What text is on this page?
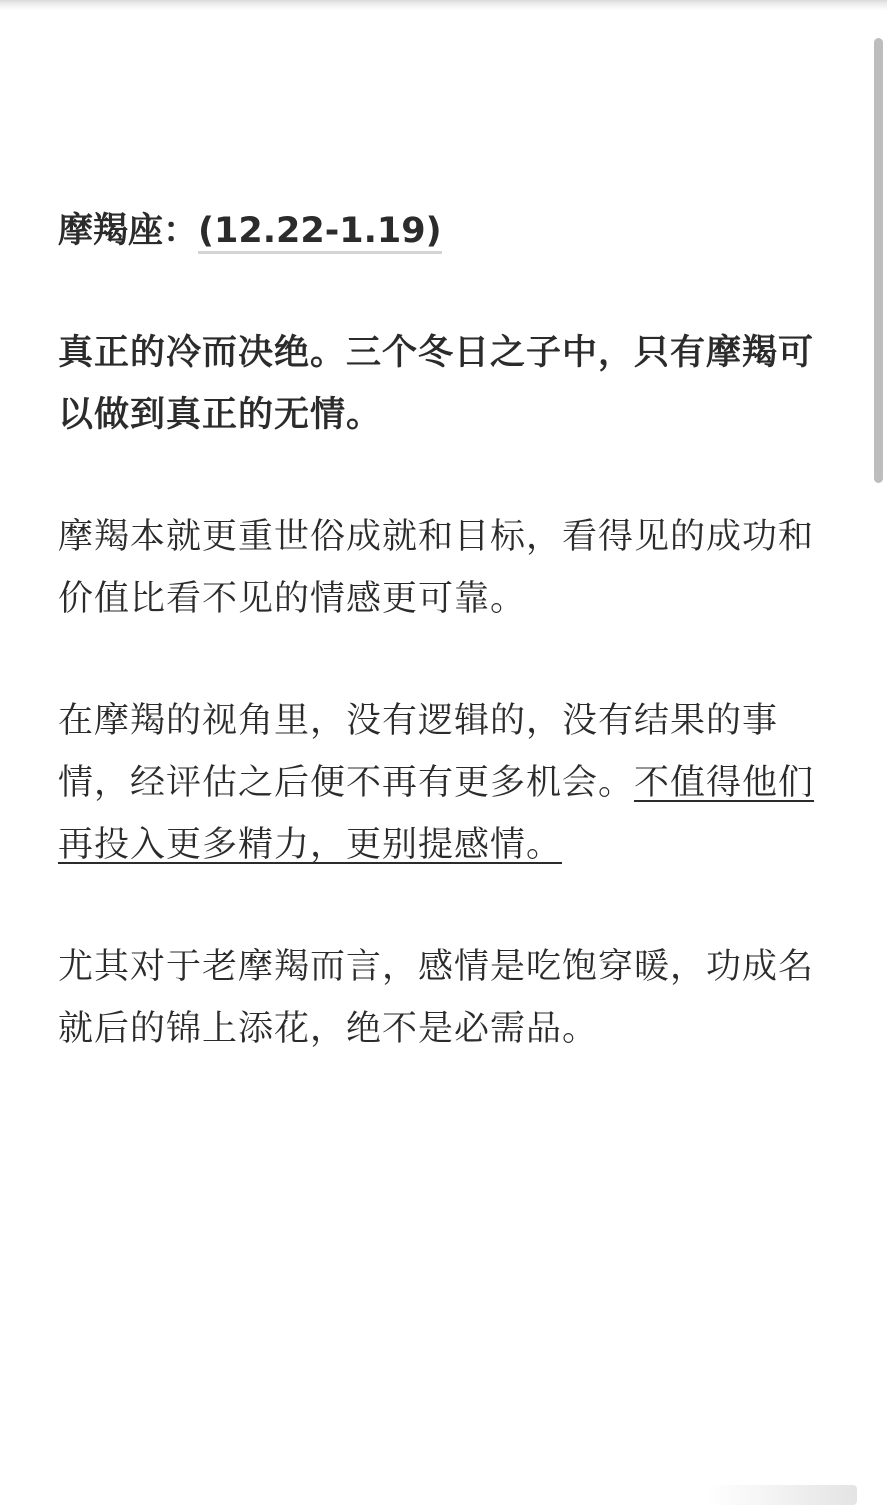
摩羯座：(12.22-1.19)

真正的冷而决绝。三个冬日之子中，只有摩羯可以做到真正的无情。

摩羯本就更重世俗成就和目标，看得见的成功和价值比看不见的情感更可靠。

在摩羯的视角里，没有逻辑的，没有结果的事情，经评估之后便不再有更多机会。不值得他们再投入更多精力，更别提感情。

尤其对于老摩羯而言，感情是吃饱穿暖，功成名就后的锦上添花，绝不是必需品。
